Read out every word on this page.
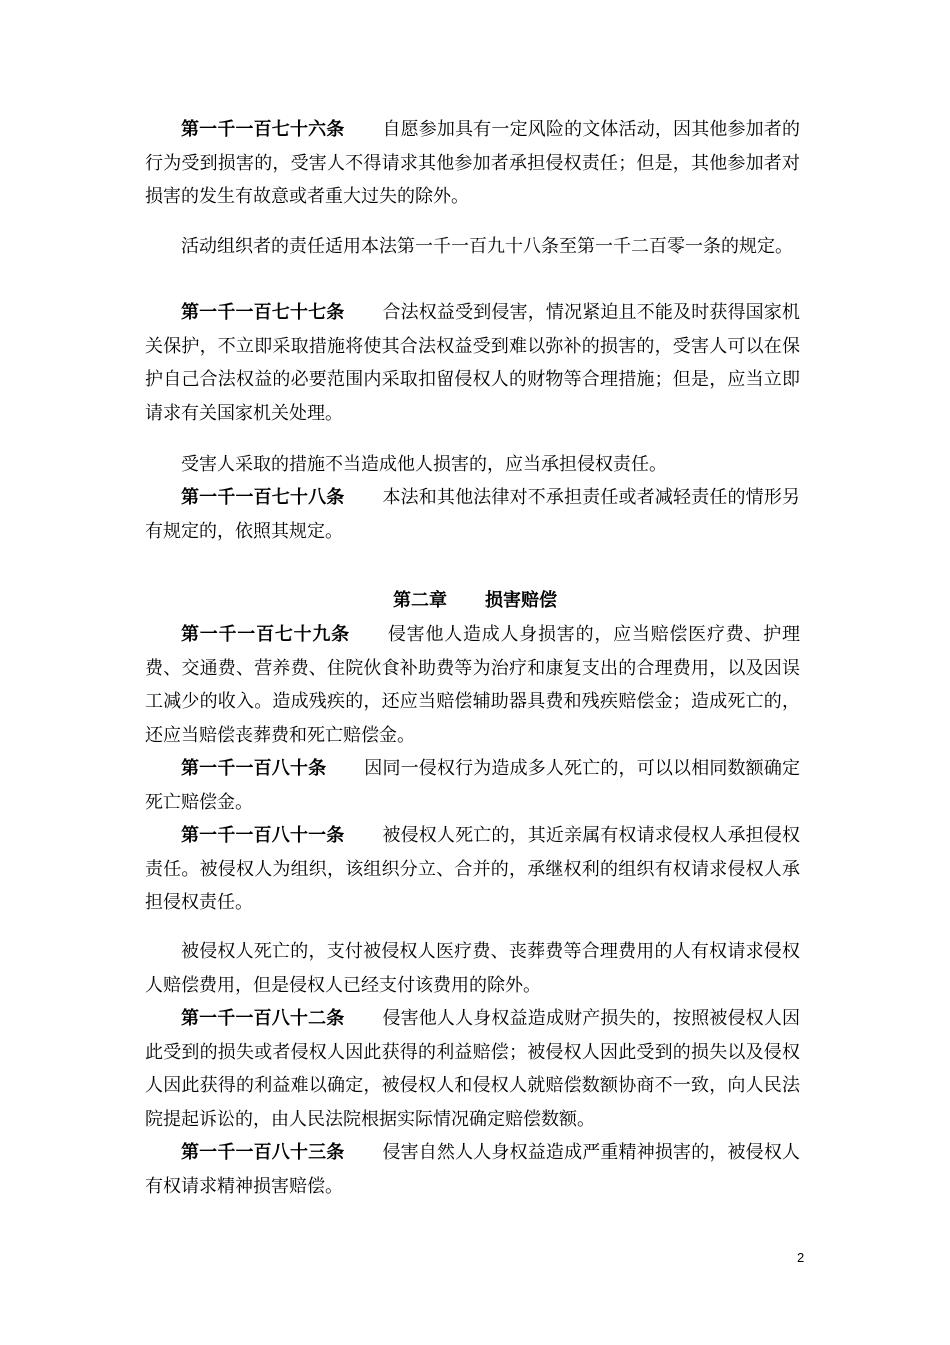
第一千一百七十六条 自愿参加具有一定风险的文体活动，因其他参加者的行为受到损害的，受害人不得请求其他参加者承担侵权责任；但是，其他参加者对损害的发生有故意或者重大过失的除外。

活动组织者的责任适用本法第一千一百九十八条至第一千二百零一条的规定。

第一千一百七十七条 合法权益受到侵害，情况紧迫且不能及时获得国家机关保护，不立即采取措施将使其合法权益受到难以弥补的损害的，受害人可以在保护自己合法权益的必要范围内采取扣留侵权人的财物等合理措施；但是，应当立即请求有关国家机关处理。

受害人采取的措施不当造成他人损害的，应当承担侵权责任。

第一千一百七十八条 本法和其他法律对不承担责任或者减轻责任的情形另有规定的，依照其规定。

第二章 损害赔偿

第一千一百七十九条 侵害他人造成人身损害的，应当赔偿医疗费、护理费、交通费、营养费、住院伙食补助费等为治疗和康复支出的合理费用，以及因误工减少的收入。造成残疾的，还应当赔偿辅助器具费和残疾赔偿金；造成死亡的，还应当赔偿丧葬费和死亡赔偿金。

第一千一百八十条 因同一侵权行为造成多人死亡的，可以以相同数额确定死亡赔偿金。

第一千一百八十一条 被侵权人死亡的，其近亲属有权请求侵权人承担侵权责任。被侵权人为组织，该组织分立、合并的，承继权利的组织有权请求侵权人承担侵权责任。

被侵权人死亡的，支付被侵权人医疗费、丧葬费等合理费用的人有权请求侵权人赔偿费用，但是侵权人已经支付该费用的除外。

第一千一百八十二条 侵害他人人身权益造成财产损失的，按照被侵权人因此受到的损失或者侵权人因此获得的利益赔偿；被侵权人因此受到的损失以及侵权人因此获得的利益难以确定，被侵权人和侵权人就赔偿数额协商不一致，向人民法院提起诉讼的，由人民法院根据实际情况确定赔偿数额。

第一千一百八十三条 侵害自然人人身权益造成严重精神损害的，被侵权人有权请求精神损害赔偿。

2
